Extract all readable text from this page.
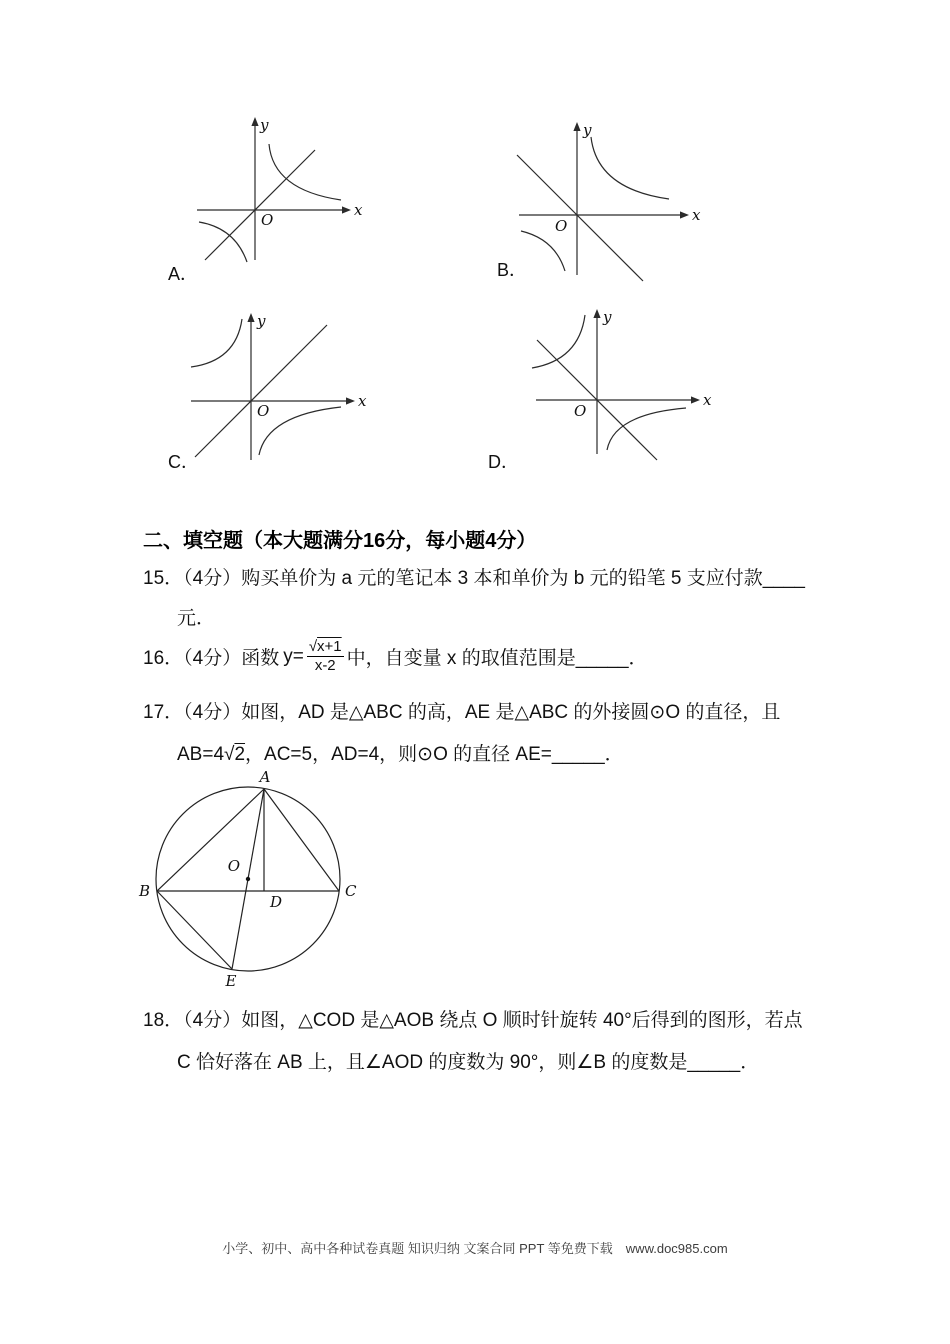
y
x
O
y
x
O
y
x
O
y
x
O
A．	B．
C．	D．
二、填空题（本大题满分16分，每小题4分）
15．（4分）购买单价为 a 元的笔记本 3 本和单价为 b 元的铅笔 5 支应付款____
元．
16．（4分）函数 $y= \frac{√x+1}{x-2}$ 中，自变量 x 的取值范围是_____．
17．（4分）如图，AD 是△ABC 的高，AE 是△ABC 的外接圆⊙O 的直径，且
AB=4√2，AC=5，AD=4，则⊙O 的直径 AE=_____．
A
B	C
D
E
O
18．（4分）如图，△COD 是△AOB 绕点 O 顺时针旋转 40°后得到的图形，若点
C 恰好落在 AB 上，且∠AOD 的度数为 90°，则∠B 的度数是_____．
小学、初中、高中各种试卷真题 知识归纳 文案合同 PPT 等免费下载　www.doc985.com
